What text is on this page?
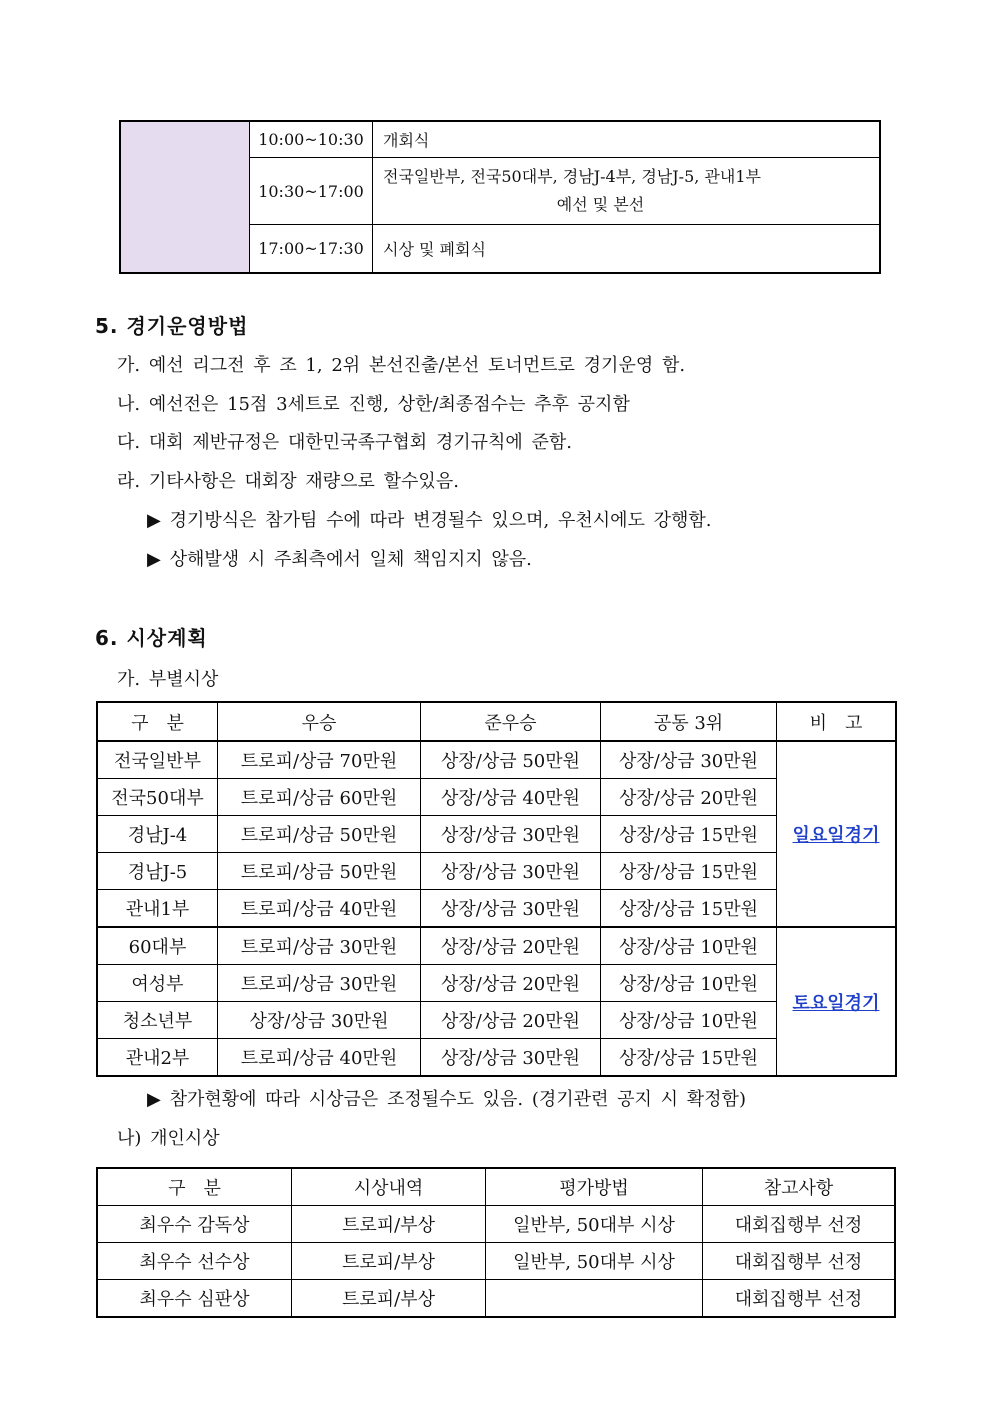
	10:00~10:30	개회식
	10:30~17:00	전국일반부, 전국50대부, 경남J-4부, 경남J-5, 관내1부
예선 및 본선

	17:00~17:30	시상 및 폐회식
5. 경기운영방법
가. 예선 리그전 후 조 1, 2위 본선진출/본선 토너먼트로 경기운영 함.
나. 예선전은 15점 3세트로 진행, 상한/최종점수는 추후 공지함
다. 대회 제반규정은 대한민국족구협회 경기규칙에 준함.
라. 기타사항은 대회장 재량으로 할수있음.
▶ 경기방식은 참가팀 수에 따라 변경될수 있으며, 우천시에도 강행함.
▶ 상해발생 시 주최측에서 일체 책임지지 않음.
6. 시상계획
가. 부별시상
구　분	우승	준우승	공동 3위	비　고
전국일반부	트로피/상금 70만원	상장/상금 50만원	상장/상금 30만원	일요일경기
전국50대부	트로피/상금 60만원	상장/상금 40만원	상장/상금 20만원	
경남J-4	트로피/상금 50만원	상장/상금 30만원	상장/상금 15만원	
경남J-5	트로피/상금 50만원	상장/상금 30만원	상장/상금 15만원	
관내1부	트로피/상금 40만원	상장/상금 30만원	상장/상금 15만원	
60대부	트로피/상금 30만원	상장/상금 20만원	상장/상금 10만원	토요일경기
여성부	트로피/상금 30만원	상장/상금 20만원	상장/상금 10만원	
청소년부	상장/상금 30만원	상장/상금 20만원	상장/상금 10만원	
관내2부	트로피/상금 40만원	상장/상금 30만원	상장/상금 15만원	
▶ 참가현황에 따라 시상금은 조정될수도 있음. (경기관련 공지 시 확정함)
나) 개인시상
구　분	시상내역	평가방법	참고사항
최우수 감독상	트로피/부상	일반부, 50대부 시상	대회집행부 선정
최우수 선수상	트로피/부상	일반부, 50대부 시상	대회집행부 선정
최우수 심판상	트로피/부상		대회집행부 선정
